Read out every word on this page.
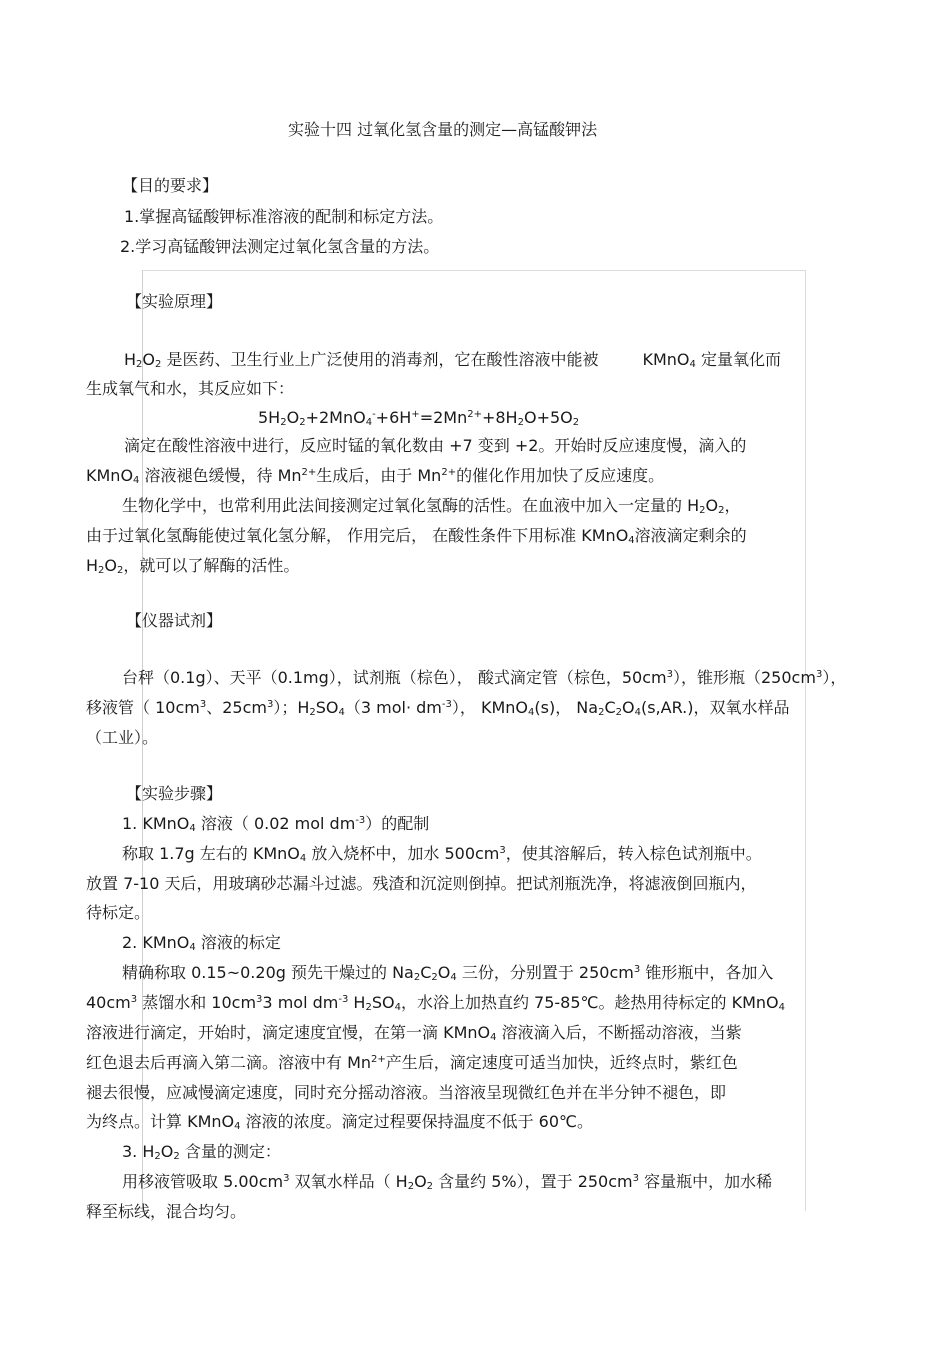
实验十四 过氧化氢含量的测定—高锰酸钾法
【目的要求】
1.掌握高锰酸钾标准溶液的配制和标定方法。
2.学习高锰酸钾法测定过氧化氢含量的方法。
【实验原理】
$H_2O_2$ 是医药、卫生行业上广泛使用的消毒剂，它在酸性溶液中能被	KMnO$_4$ 定量氧化而
生成氧气和水，其反应如下：
$5H_2O_2+2MnO_4^-+6H^+=2Mn^{2+}+8H_2O+5O_2$
滴定在酸性溶液中进行，反应时锰的氧化数由 +7 变到 +2。开始时反应速度慢，滴入的
KMnO$_4$ 溶液褪色缓慢，待 $Mn^{2+}$生成后，由于 $Mn^{2+}$的催化作用加快了反应速度。
生物化学中，也常利用此法间接测定过氧化氢酶的活性。在血液中加入一定量的 $H_2O_2$，
由于过氧化氢酶能使过氧化氢分解， 作用完后， 在酸性条件下用标准 KMnO$_4$溶液滴定剩余的
$H_2O_2$，就可以了解酶的活性。
【仪器试剂】
台秤（0.1g）、天平（0.1mg），试剂瓶（棕色）， 酸式滴定管（棕色，$50cm^3$），锥形瓶$(250cm^3)$，
移液管（ $10cm^3$、$25cm^3$）；$H_2SO_4(3$ $mol\cdot dm^{-3}$）， KMnO$_4$(s)， $Na_2C_2O_4(s,AR.)$，双氧水样品
（工业）。
【实验步骤】
1. KMnO$_4$ 溶液（ 0.02 mol $dm^{-3}$）的配制
称取 1.7g 左右的 KMnO$_4$ 放入烧杯中，加水 $500cm^3$，使其溶解后，转入棕色试剂瓶中。
放置 7-10 天后，用玻璃砂芯漏斗过滤。残渣和沉淀则倒掉。把试剂瓶洗净，将滤液倒回瓶内，
待标定。
2. KMnO$_4$ 溶液的标定
精确称取 0.15~0.20g 预先干燥过的 $Na_2C_2O_4$ 三份，分别置于 $250cm^3$ 锥形瓶中，各加入
$40cm^3$ 蒸馏水和 $10cm^33$ mol $dm^{-3}$ $H_2SO_4$，水浴上加热直约 75-85℃。趁热用待标定的 KMnO$_4$
溶液进行滴定，开始时，滴定速度宜慢，在第一滴 KMnO$_4$ 溶液滴入后，不断摇动溶液，当紫
红色退去后再滴入第二滴。溶液中有 $Mn^{2+}$产生后，滴定速度可适当加快，近终点时，紫红色
褪去很慢，应减慢滴定速度，同时充分摇动溶液。当溶液呈现微红色并在半分钟不褪色，即
为终点。计算 KMnO$_4$ 溶液的浓度。滴定过程要保持温度不低于 60℃。
3. $H_2O_2$ 含量的测定：
用移液管吸取 $5.00cm^3$ 双氧水样品（ $H_2O_2$ 含量约 5%），置于 $250cm^3$ 容量瓶中，加水稀
释至标线，混合均匀。
